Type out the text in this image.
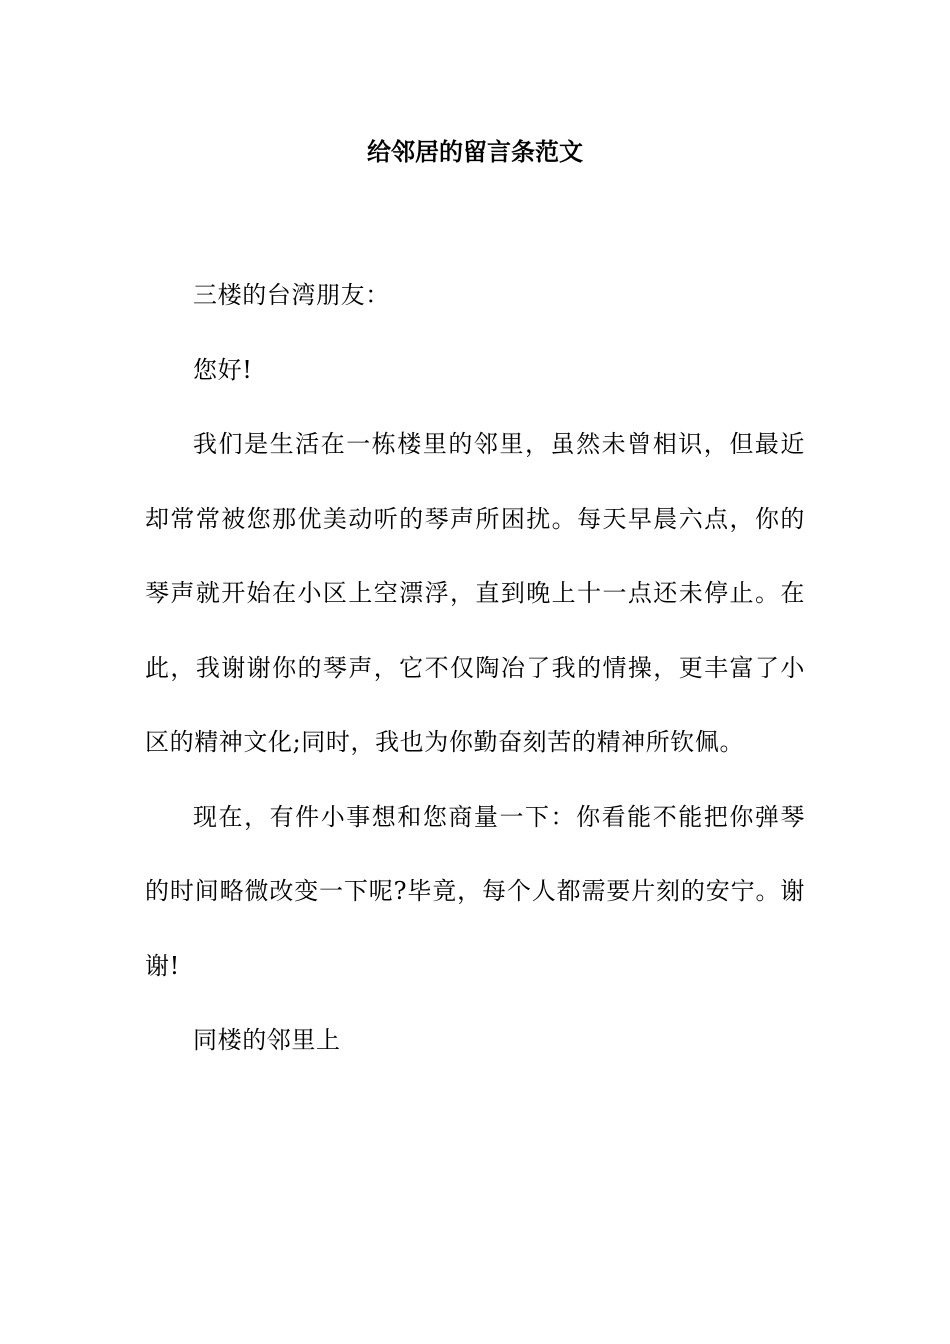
给邻居的留言条范文

三楼的台湾朋友：

您好!

我们是生活在一栋楼里的邻里，虽然未曾相识，但最近却常常被您那优美动听的琴声所困扰。每天早晨六点，你的琴声就开始在小区上空漂浮，直到晚上十一点还未停止。在此，我谢谢你的琴声，它不仅陶冶了我的情操，更丰富了小区的精神文化;同时，我也为你勤奋刻苦的精神所钦佩。

现在，有件小事想和您商量一下：你看能不能把你弹琴的时间略微改变一下呢?毕竟，每个人都需要片刻的安宁。谢谢!

同楼的邻里上
